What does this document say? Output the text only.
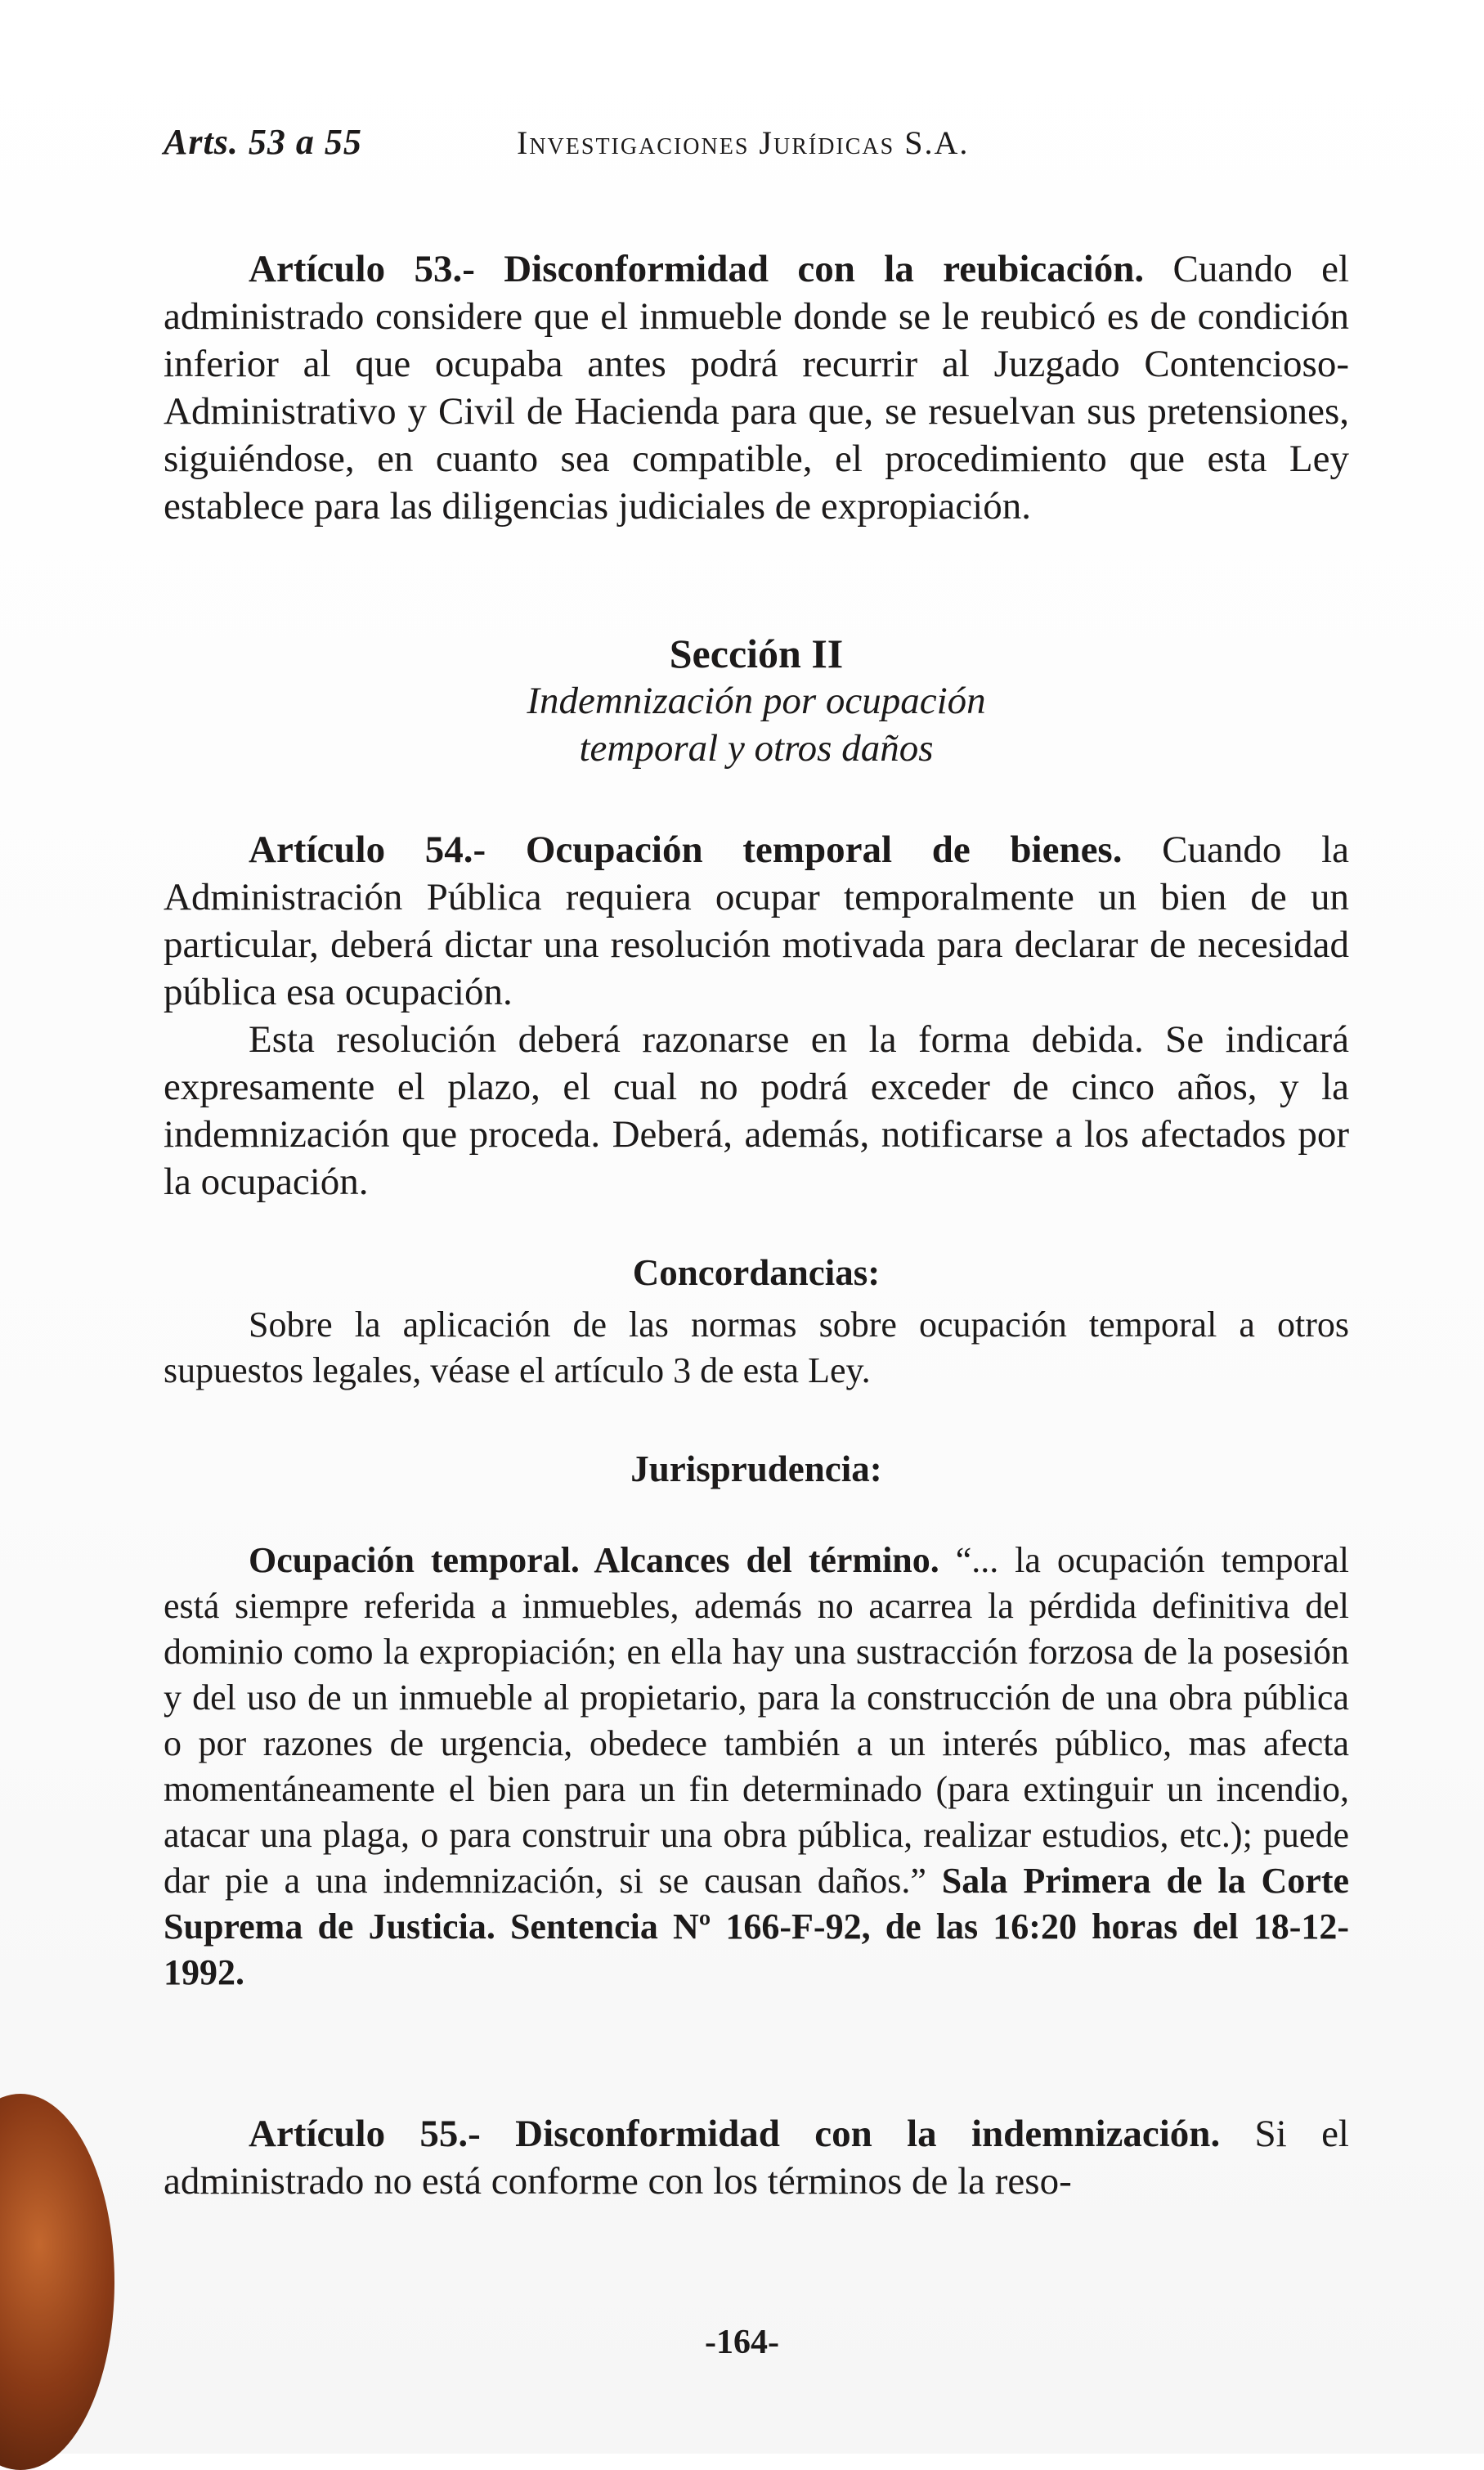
Arts. 53 a 55	Investigaciones Jurídicas S.A.

Artículo 53.- Disconformidad con la reubicación. Cuando el administrado considere que el inmueble donde se le reubicó es de condición inferior al que ocupaba antes podrá recurrir al Juzgado Contencioso-Administrativo y Civil de Hacienda para que, se resuelvan sus pretensiones, siguiéndose, en cuanto sea compatible, el procedimiento que esta Ley establece para las diligencias judiciales de expropiación.

Sección II
Indemnización por ocupación
temporal y otros daños

Artículo 54.- Ocupación temporal de bienes. Cuando la Administración Pública requiera ocupar temporalmente un bien de un particular, deberá dictar una resolución motivada para declarar de necesidad pública esa ocupación.

Esta resolución deberá razonarse en la forma debida. Se indicará expresamente el plazo, el cual no podrá exceder de cinco años, y la indemnización que proceda. Deberá, además, notificarse a los afectados por la ocupación.

Concordancias:

Sobre la aplicación de las normas sobre ocupación temporal a otros supuestos legales, véase el artículo 3 de esta Ley.

Jurisprudencia:

Ocupación temporal. Alcances del término. “... la ocupación temporal está siempre referida a inmuebles, además no acarrea la pérdida definitiva del dominio como la expropiación; en ella hay una sustracción forzosa de la posesión y del uso de un inmueble al propietario, para la construcción de una obra pública o por razones de urgencia, obedece también a un interés público, mas afecta momentáneamente el bien para un fin determinado (para extinguir un incendio, atacar una plaga, o para construir una obra pública, realizar estudios, etc.); puede dar pie a una indemnización, si se causan daños.” Sala Primera de la Corte Suprema de Justicia. Sentencia Nº 166-F-92, de las 16:20 horas del 18-12-1992.

Artículo 55.- Disconformidad con la indemnización. Si el administrado no está conforme con los términos de la reso-

-164-
